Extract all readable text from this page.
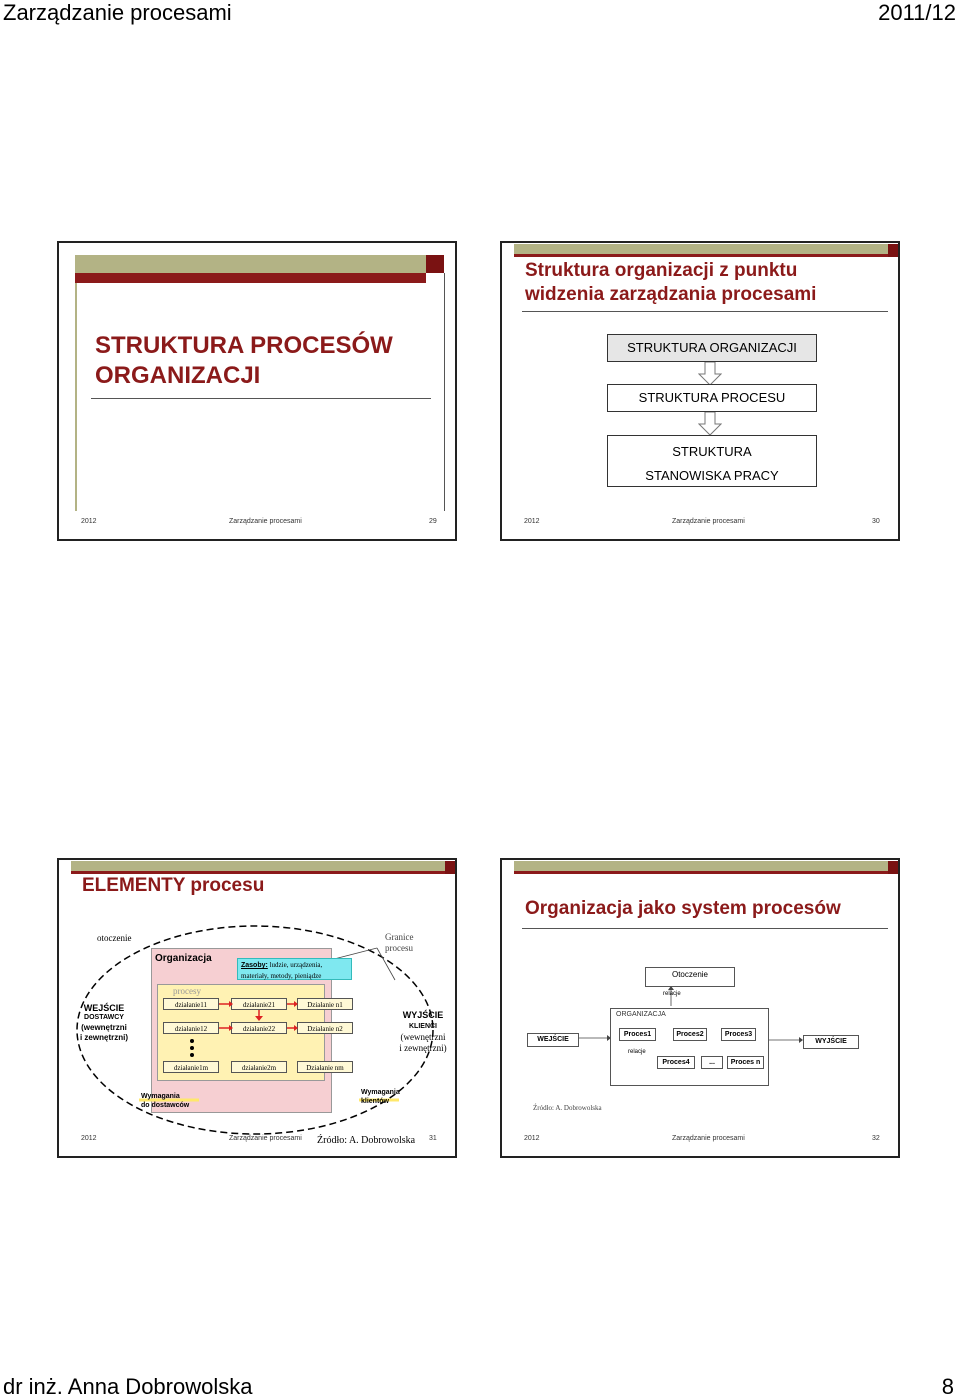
Zarządzanie procesami	2011/12
STRUKTURA PROCESÓW
ORGANIZACJI
2012	Zarządzanie procesami	29
Struktura organizacji z punktu
widzenia zarządzania procesami
STRUKTURA ORGANIZACJI
STRUKTURA PROCESU
STRUKTURA
STANOWISKA PRACY
2012	Zarządzanie procesami	30
ELEMENTY procesu
otoczenie	Granice
procesu
Organizacja
Zasoby: ludzie, urządzenia,
materiały, metody, pieniądze
procesy
działanie11	działanie21	Działanie n1
działanie12	działanie22	Działanie n2
działanie1m	działanie2m	Działanie nm
WEJŚCIE
DOSTAWCY
(wewnętrzni
i zewnętrzni)
WYJŚCIE
KLIENCI
(wewnętrzni
i zewnętrzni)
Wymagania
do dostawców
Wymagania
klientów
Źródło: A. Dobrowolska
2012	Zarządzanie procesami	31
Organizacja jako system procesów
Otoczenie
relacje
ORGANIZACJA
Proces1	Proces2	Proces3
relacje
Proces4	...	Proces n
WEJŚCIE	WYJŚCIE
Źródło: A. Dobrowolska
2012	Zarządzanie procesami	32
dr inż. Anna Dobrowolska	8
